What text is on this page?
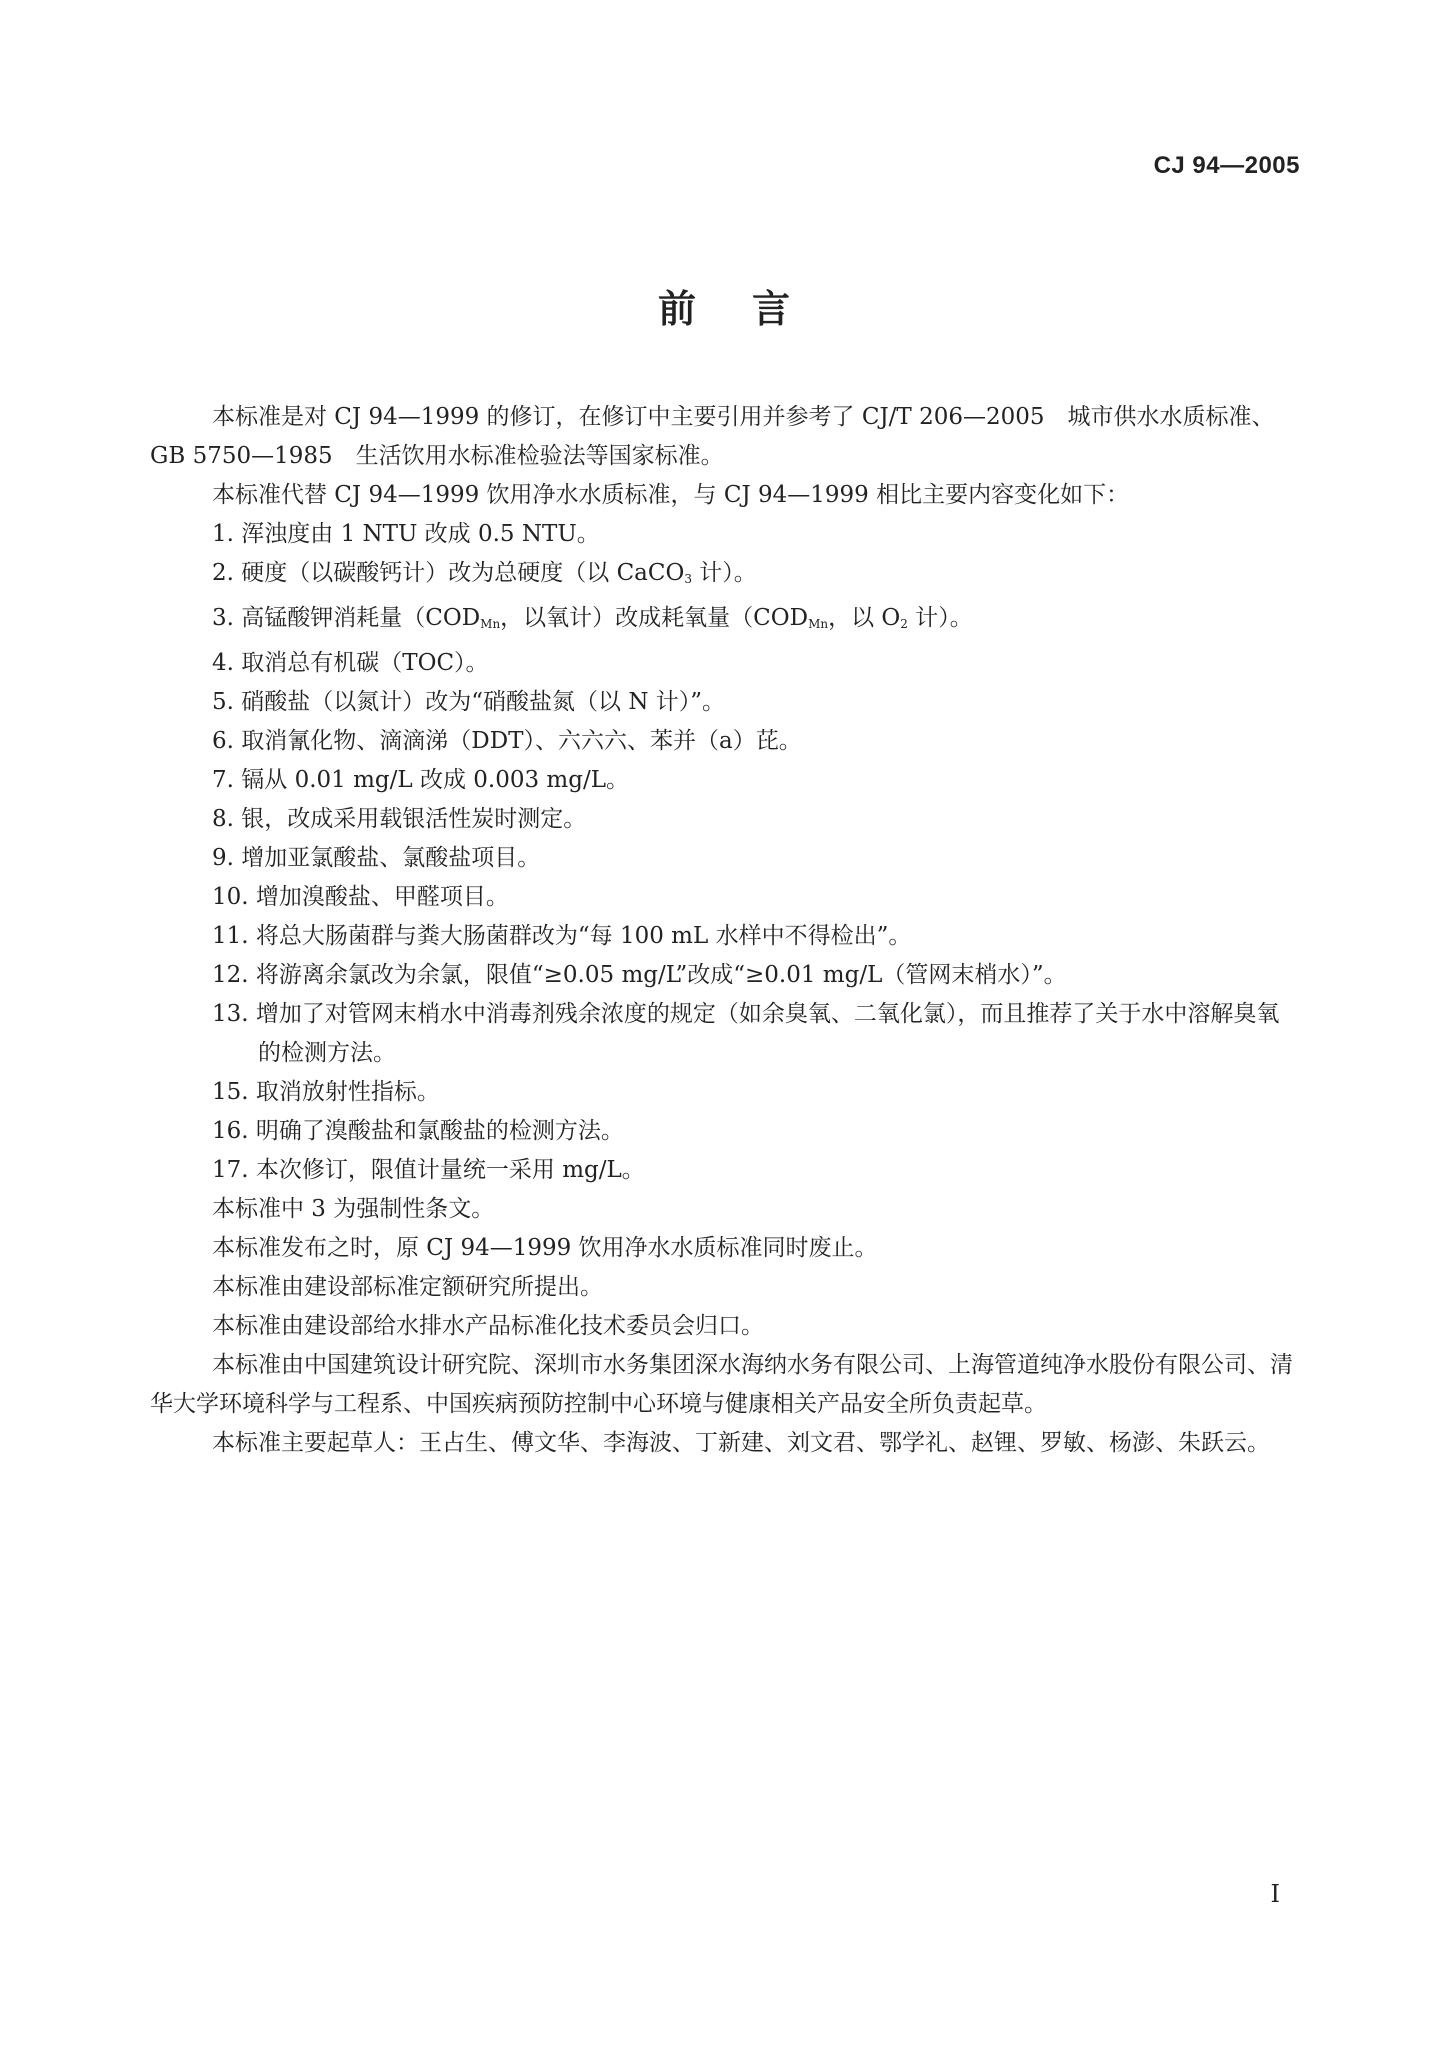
CJ 94—2005
前言

本标准是对 CJ 94—1999 的修订，在修订中主要引用并参考了 CJ/T 206—2005　城市供水水质标准、GB 5750—1985　生活饮用水标准检验法等国家标准。

本标准代替 CJ 94—1999 饮用净水水质标准，与 CJ 94—1999 相比主要内容变化如下：

1. 浑浊度由 1 NTU 改成 0.5 NTU。

2. 硬度（以碳酸钙计）改为总硬度（以 CaCO$_3$ 计）。

3. 高锰酸钾消耗量（$COD_{Mn}$，以氧计）改成耗氧量（$COD_{Mn}$，以 $O_2$ 计）。

4. 取消总有机碳（TOC）。

5. 硝酸盐（以氮计）改为“硝酸盐氮（以 N 计）”。

6. 取消氰化物、滴滴涕（DDT）、六六六、苯并（a）芘。

7. 镉从 0.01 mg/L 改成 0.003 mg/L。

8. 银，改成采用载银活性炭时测定。

9. 增加亚氯酸盐、氯酸盐项目。

10. 增加溴酸盐、甲醛项目。

11. 将总大肠菌群与粪大肠菌群改为“每 100 mL 水样中不得检出”。

12. 将游离余氯改为余氯，限值“≥0.05 mg/L”改成“≥0.01 mg/L（管网末梢水）”。

13. 增加了对管网末梢水中消毒剂残余浓度的规定（如余臭氧、二氧化氯），而且推荐了关于水中溶解臭氧的检测方法。

15. 取消放射性指标。

16. 明确了溴酸盐和氯酸盐的检测方法。

17. 本次修订，限值计量统一采用 mg/L。

本标准中 3 为强制性条文。

本标准发布之时，原 CJ 94—1999 饮用净水水质标准同时废止。

本标准由建设部标准定额研究所提出。

本标准由建设部给水排水产品标准化技术委员会归口。

本标准由中国建筑设计研究院、深圳市水务集团深水海纳水务有限公司、上海管道纯净水股份有限公司、清华大学环境科学与工程系、中国疾病预防控制中心环境与健康相关产品安全所负责起草。

本标准主要起草人：王占生、傅文华、李海波、丁新建、刘文君、鄂学礼、赵锂、罗敏、杨澎、朱跃云。

I
